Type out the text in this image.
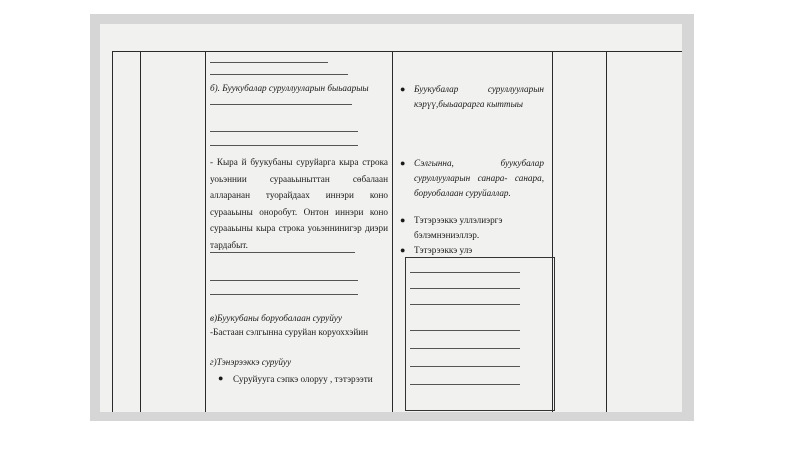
б). Буукубалар суруллууларын быьаарыы
- Кыра й буукубаны суруйарга кыра строка уоьэннии сурааьыныттан сѳбалаан алларанан туорайдаах иннэри коно сурааьыны оноробут. Онтон иннэри коно сурааьыны кыра строка уоьэннинигэр диэри тардабыт.
в)Буукубаны боруобалаан суруйуу
-Бастаан сэлгынна суруйан коруоххэйин
г)Тэнэрээккэ суруйуу
● Суруйууга сэпкэ олоруу , тэтэрээти
● Буукубалар суруллууларын кэрүү,быьаарарга кыттыы
● Сэлгынна, буукубалар суруллууларын санара- санара, боруобалаан суруйаллар.
● Тэтэрээккэ уллэлиэргэ бэлэмнэниэллэр.
● Тэтэрээккэ улэ
